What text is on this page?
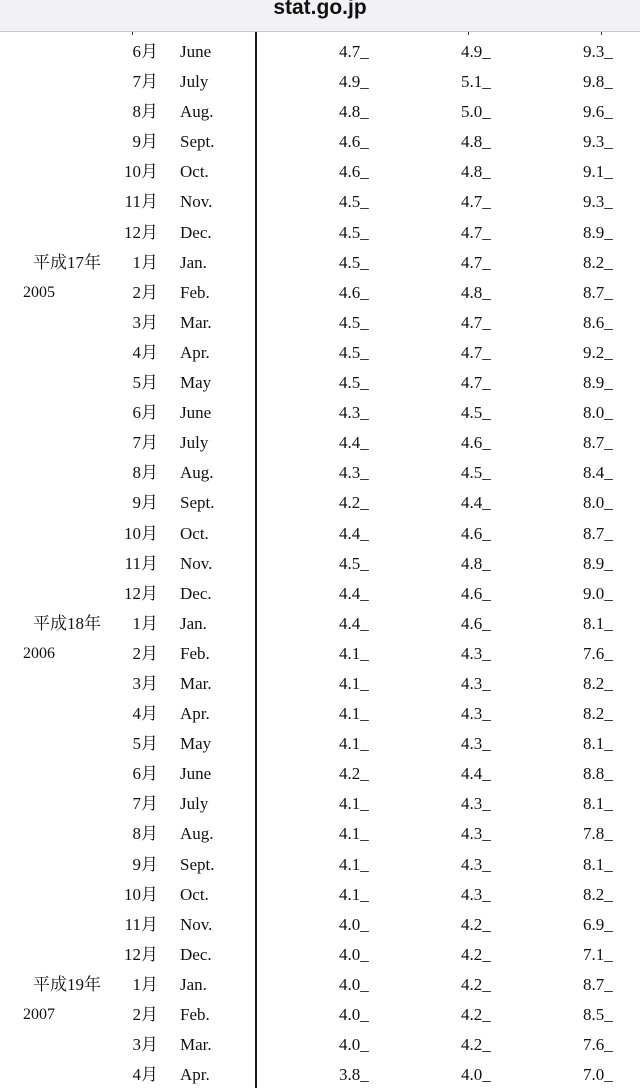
stat.go.jp
6月 June	4.7_	4.9_	9.3_
7月 July	4.9_	5.1_	9.8_
8月 Aug.	4.8_	5.0_	9.6_
9月 Sept.	4.6_	4.8_	9.3_
10月 Oct.	4.6_	4.8_	9.1_
11月 Nov.	4.5_	4.7_	9.3_
12月 Dec.	4.5_	4.7_	8.9_
平成17年 1月 Jan.	4.5_	4.7_	8.2_
2005	2月 Feb.	4.6_	4.8_	8.7_
3月 Mar.	4.5_	4.7_	8.6_
4月 Apr.	4.5_	4.7_	9.2_
5月 May	4.5_	4.7_	8.9_
6月 June	4.3_	4.5_	8.0_
7月 July	4.4_	4.6_	8.7_
8月 Aug.	4.3_	4.5_	8.4_
9月 Sept.	4.2_	4.4_	8.0_
10月 Oct.	4.4_	4.6_	8.7_
11月 Nov.	4.5_	4.8_	8.9_
12月 Dec.	4.4_	4.6_	9.0_
平成18年 1月 Jan.	4.4_	4.6_	8.1_
2006	2月 Feb.	4.1_	4.3_	7.6_
3月 Mar.	4.1_	4.3_	8.2_
4月 Apr.	4.1_	4.3_	8.2_
5月 May	4.1_	4.3_	8.1_
6月 June	4.2_	4.4_	8.8_
7月 July	4.1_	4.3_	8.1_
8月 Aug.	4.1_	4.3_	7.8_
9月 Sept.	4.1_	4.3_	8.1_
10月 Oct.	4.1_	4.3_	8.2_
11月 Nov.	4.0_	4.2_	6.9_
12月 Dec.	4.0_	4.2_	7.1_
平成19年 1月 Jan.	4.0_	4.2_	8.7_
2007	2月 Feb.	4.0_	4.2_	8.5_
3月 Mar.	4.0_	4.2_	7.6_
4月 Apr.	3.8_	4.0_	7.0_
